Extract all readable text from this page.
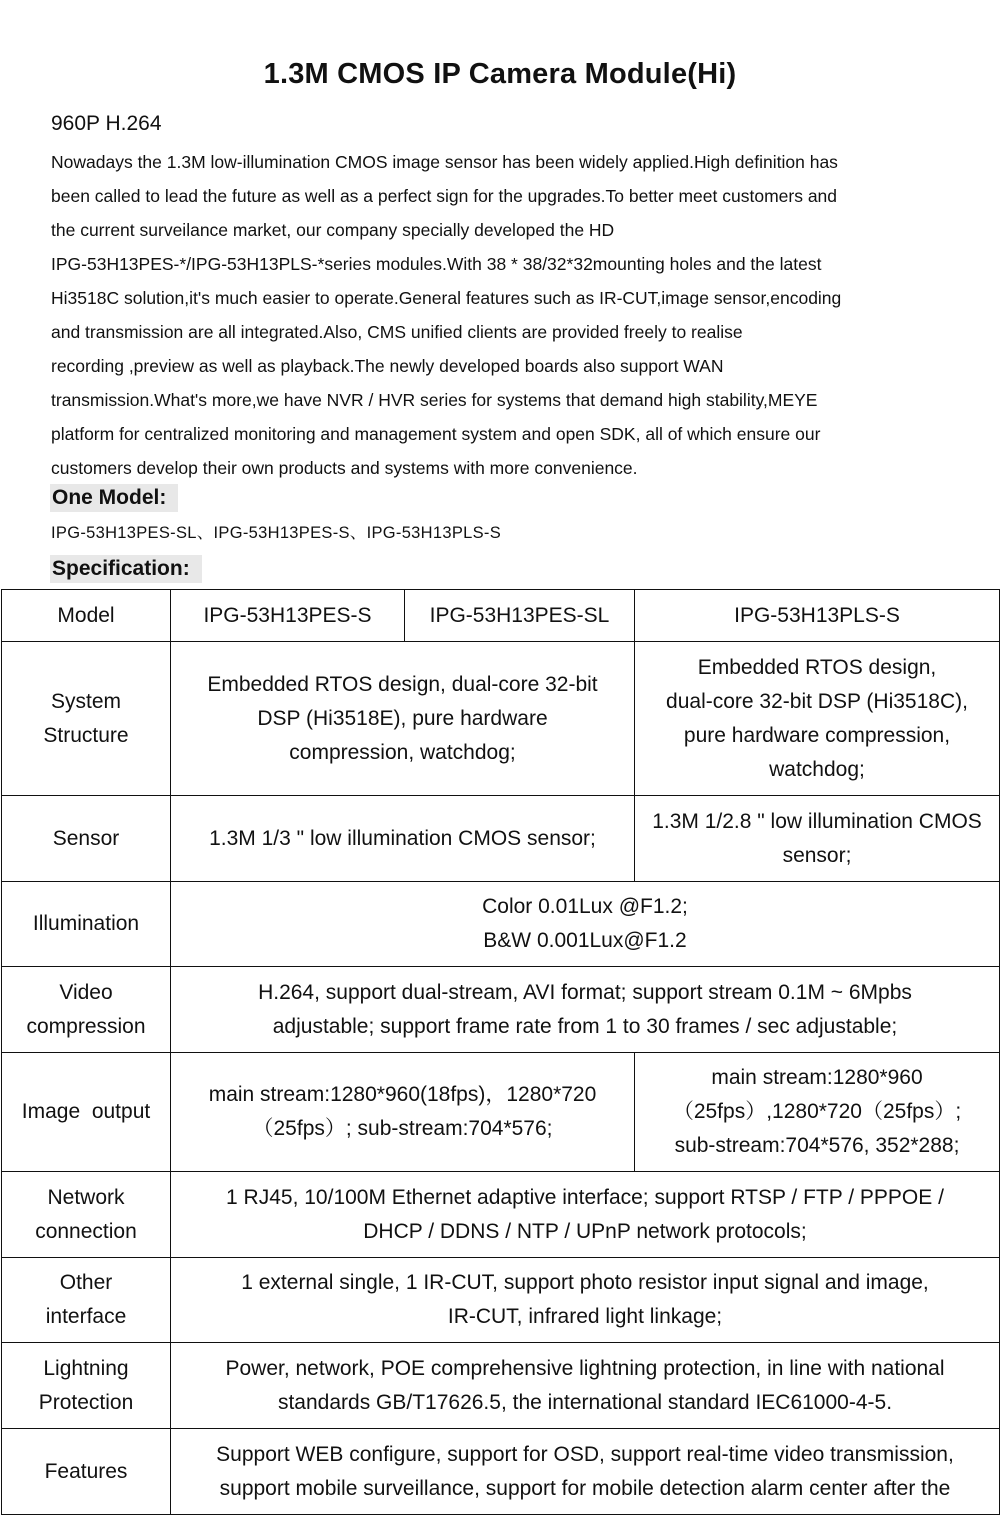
1.3M CMOS IP Camera Module(Hi)
960P H.264
Nowadays the 1.3M low-illumination CMOS image sensor has been widely applied.High definition has
been called to lead the future as well as a perfect sign for the upgrades.To better meet customers and
the current surveilance market, our company specially developed the HD
IPG-53H13PES-*/IPG-53H13PLS-*series modules.With 38 * 38/32*32mounting holes and the latest
Hi3518C solution,it's much easier to operate.General features such as IR-CUT,image sensor,encoding
and transmission are all integrated.Also, CMS unified clients are provided freely to realise
recording ,preview as well as playback.The newly developed boards also support WAN
transmission.What's more,we have NVR / HVR series for systems that demand high stability,MEYE
platform for centralized monitoring and management system and open SDK, all of which ensure our
customers develop their own products and systems with more convenience.
One Model:
IPG-53H13PES-SL、IPG-53H13PES-S、IPG-53H13PLS-S
Specification:
Model	IPG-53H13PES-S	IPG-53H13PES-SL	IPG-53H13PLS-S

System
Structure	Embedded RTOS design, dual-core 32-bit
DSP (Hi3518E), pure hardware
compression, watchdog;		Embedded RTOS design,
dual-core 32-bit DSP (Hi3518C),
pure hardware compression,
watchdog;

Sensor	1.3M 1/3 " low illumination CMOS sensor;		1.3M 1/2.8 " low illumination CMOS
sensor;

Illumination	Color 0.01Lux @F1.2;
B&W 0.001Lux@F1.2		

Video
compression	H.264, support dual-stream, AVI format; support stream 0.1M ~ 6Mpbs
adjustable; support frame rate from 1 to 30 frames / sec adjustable;		

Image  output	main stream:1280*960(18fps)，1280*720
（25fps）; sub-stream:704*576;		main stream:1280*960
（25fps）,1280*720（25fps）;
sub-stream:704*576, 352*288;

Network
connection	1 RJ45, 10/100M Ethernet adaptive interface; support RTSP / FTP / PPPOE /
DHCP / DDNS / NTP / UPnP network protocols;		

Other
interface	1 external single, 1 IR-CUT, support photo resistor input signal and image,
IR-CUT, infrared light linkage;		

Lightning
Protection	Power, network, POE comprehensive lightning protection, in line with national
standards GB/T17626.5, the international standard IEC61000-4-5.		

Features	Support WEB configure, support for OSD, support real-time video transmission,
support mobile surveillance, support for mobile detection alarm center after the		
